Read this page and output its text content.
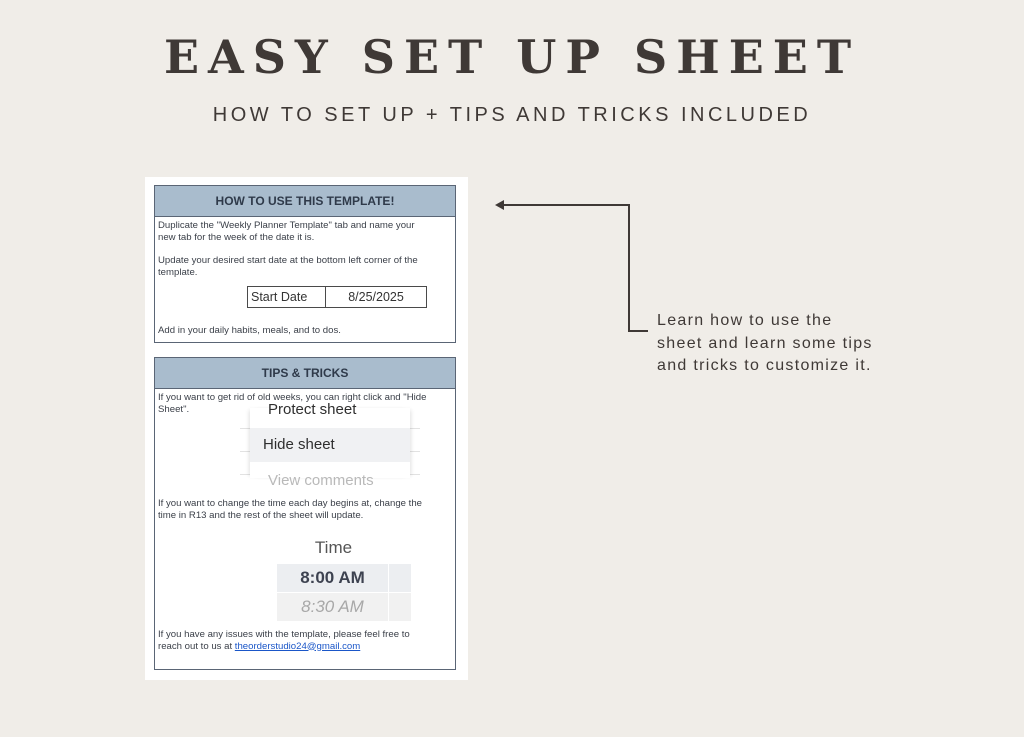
EASY SET UP SHEET
HOW TO SET UP + TIPS AND TRICKS INCLUDED
HOW TO USE THIS TEMPLATE!

Duplicate the "Weekly Planner Template" tab and name your
new tab for the week of the date it is.

Update your desired start date at the bottom left corner of the
template.

Start Date	8/25/2025

Add in your daily habits, meals, and to dos.

TIPS & TRICKS

If you want to get rid of old weeks, you can right click and "Hide
Sheet".	Protect sheet
Hide sheet
View comments

If you want to change the time each day begins at, change the
time in R13 and the rest of the sheet will update.

Time
8:00 AM
8:30 AM

If you have any issues with the template, please feel free to
reach out to us at theorderstudio24@gmail.com

Learn how to use the
sheet and learn some tips
and tricks to customize it.
